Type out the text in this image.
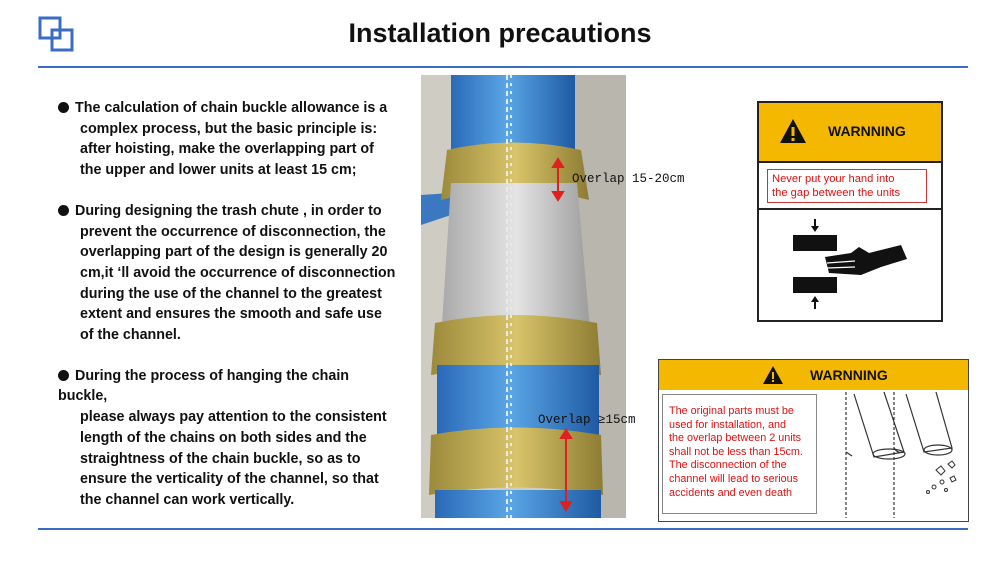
Installation precautions
The calculation of chain buckle allowance is a
complex process, but the basic principle is:
after hoisting, make the overlapping part of
the upper and lower units at least 15 cm;
During designing the trash chute , in order to
prevent the occurrence of disconnection, the
overlapping part of the design is generally 20
cm,it ‘ll avoid the occurrence of disconnection
during the use of the channel to the greatest
extent and ensures the smooth and safe use
of the channel.
During the process of hanging the chain
buckle,
please always pay attention to the consistent
length of the chains on both sides and the
straightness of the chain buckle, so as to
ensure the verticality of the channel, so that
the channel can work vertically.
Overlap 15-20cm
Overlap ≥15cm
WARNNING
Never put your hand into
the gap between the units
WARNNING
The original parts must be
used for installation, and
the overlap between 2 units
shall not be less than 15cm.
The disconnection of the
channel will lead to serious
accidents and even death
